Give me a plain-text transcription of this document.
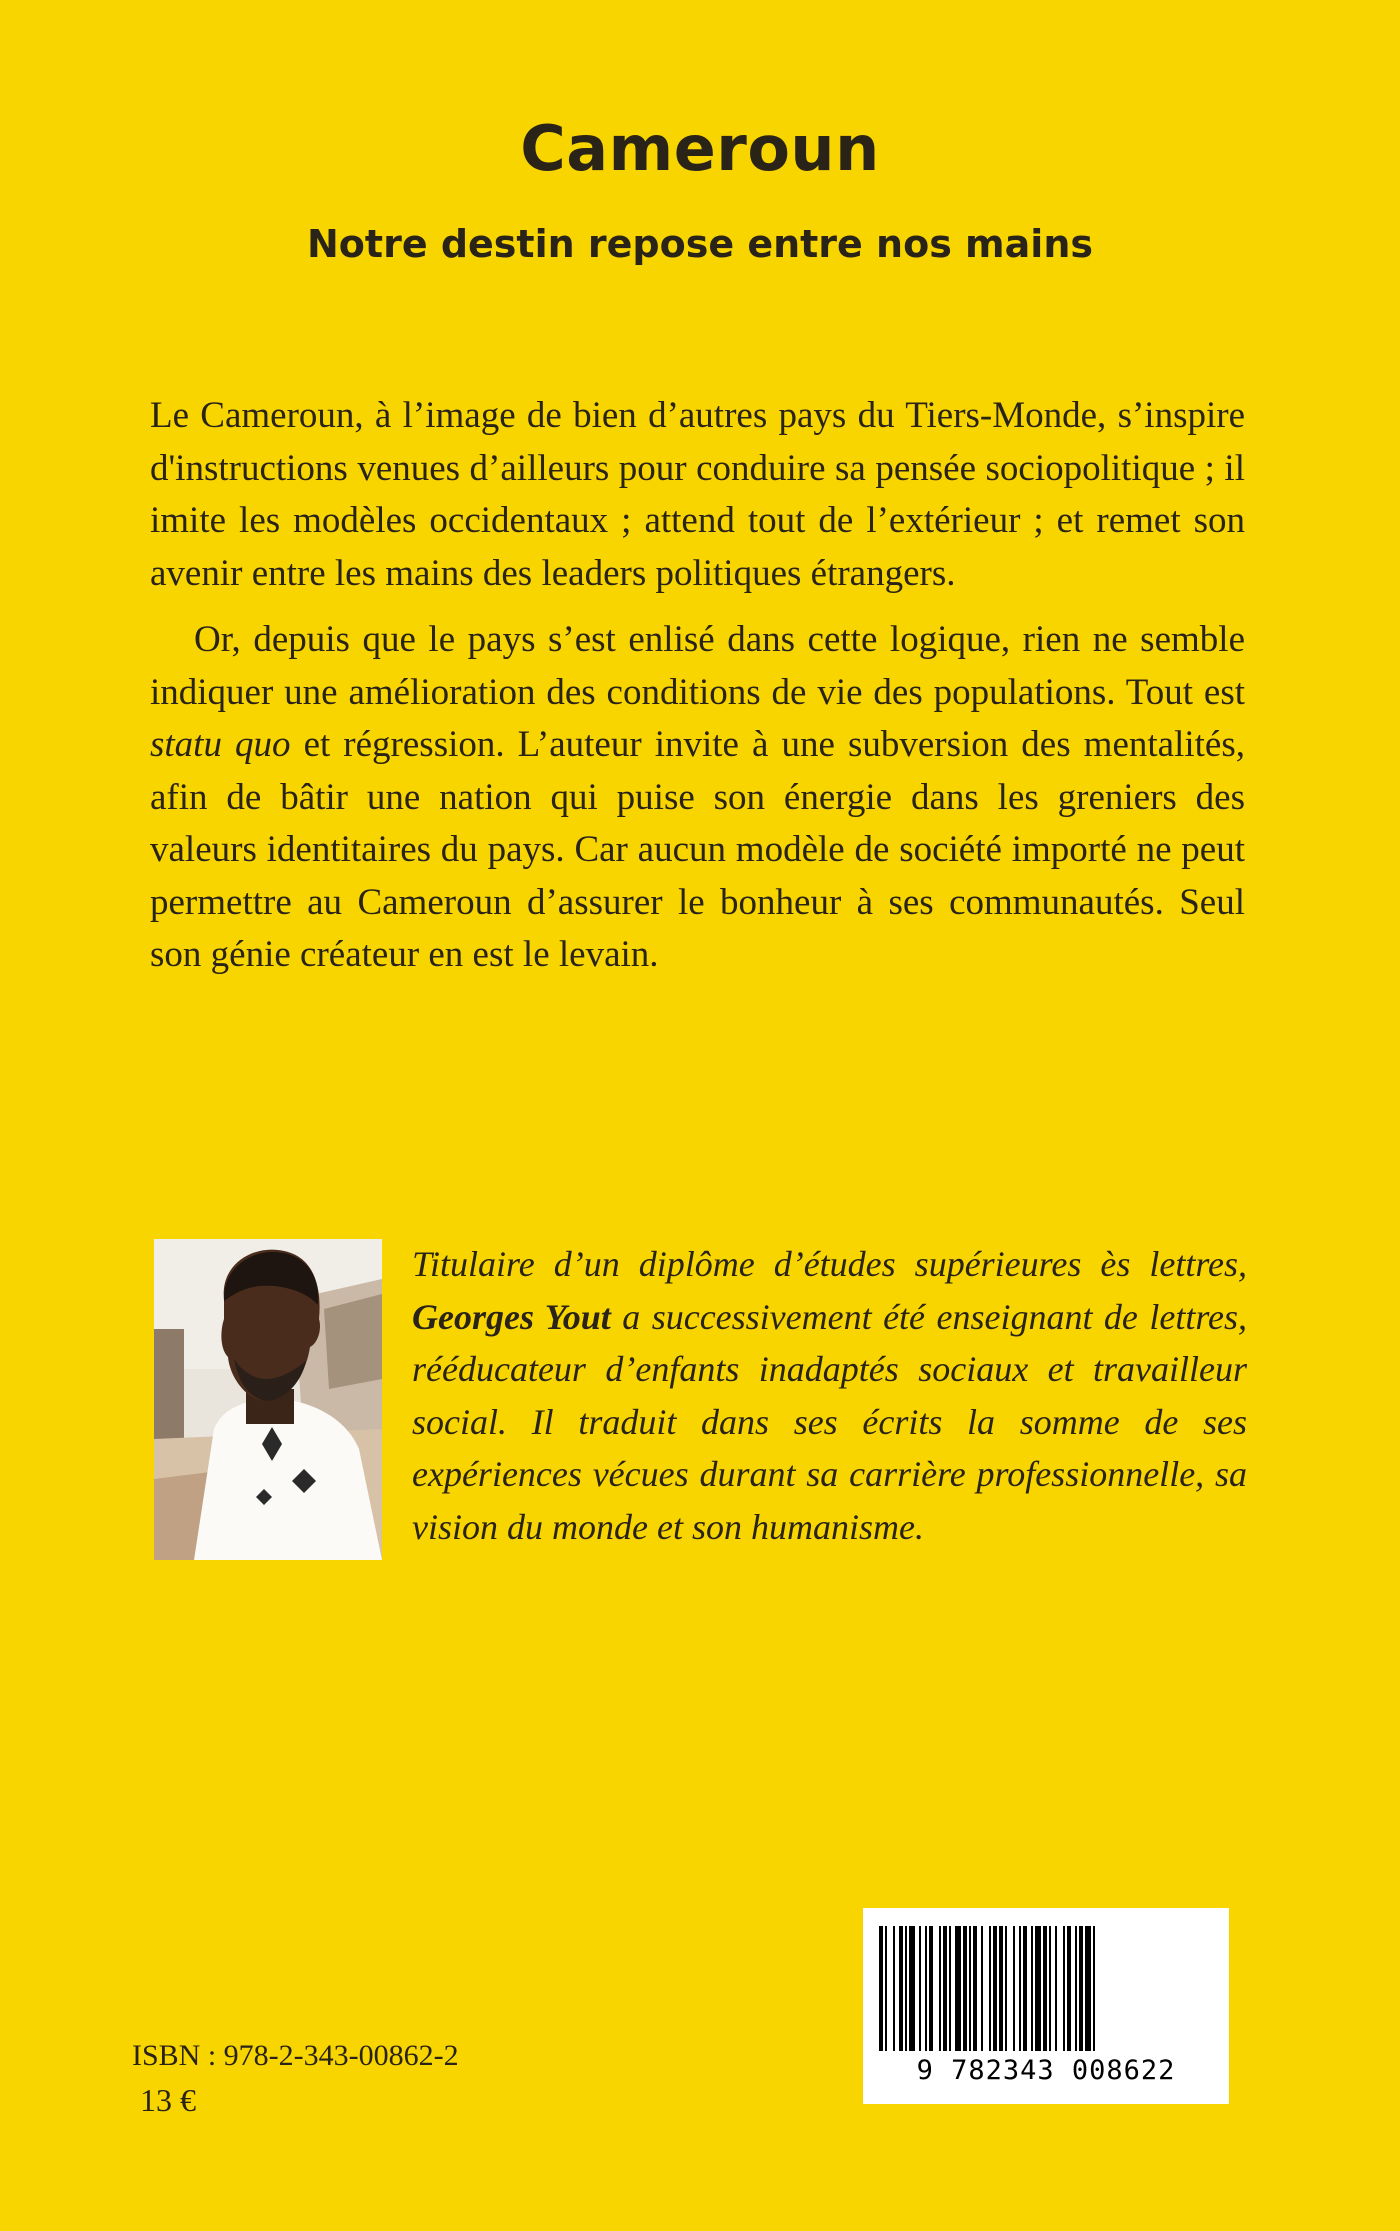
Cameroun
Notre destin repose entre nos mains

Le Cameroun, à l’image de bien d’autres pays du Tiers-Monde, s’inspire d'instructions venues d’ailleurs pour conduire sa pensée sociopolitique ; il imite les modèles occidentaux ; attend tout de l’extérieur ; et remet son avenir entre les mains des leaders politiques étrangers.

Or, depuis que le pays s’est enlisé dans cette logique, rien ne semble indiquer une amélioration des conditions de vie des populations. Tout est statu quo et régression. L’auteur invite à une subversion des mentalités, afin de bâtir une nation qui puise son énergie dans les greniers des valeurs identitaires du pays. Car aucun modèle de société importé ne peut permettre au Cameroun d’assurer le bonheur à ses communautés. Seul son génie créateur en est le levain.

Titulaire d’un diplôme d’études supérieures ès lettres, Georges Yout a successivement été enseignant de lettres, rééducateur d’enfants inadaptés sociaux et travailleur social. Il traduit dans ses écrits la somme de ses expériences vécues durant sa carrière professionnelle, sa vision du monde et son humanisme.

9 782343 008622

ISBN : 978-2-343-00862-2

13 €
